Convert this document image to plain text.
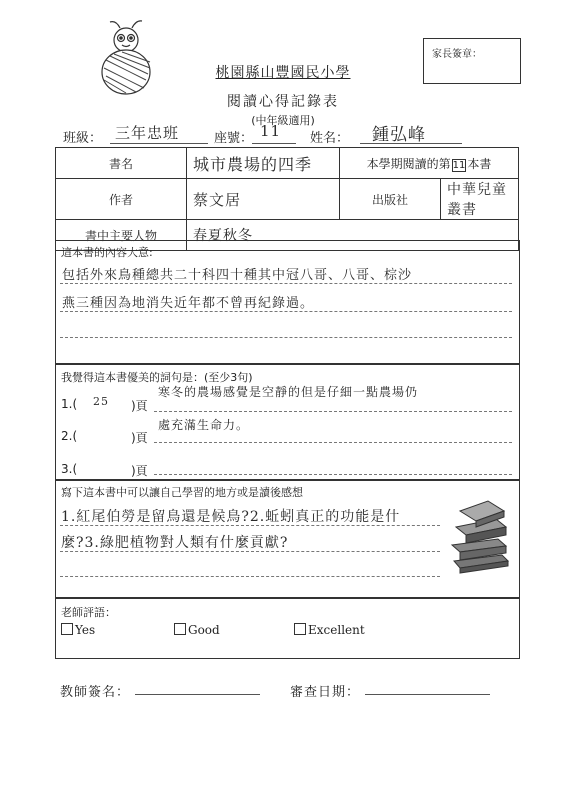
家長簽章：
桃園縣山豐國民小學
閱讀心得記錄表
(中年級適用)
班級： 三年忠班	座號： 11 姓名： 鍾弘峰
書名	城市農場的四季	本學期閱讀的第 11 本書	
作者	蔡文居	出版社	中華兒童叢書
書中主要人物	春夏秋冬		
這本書的內容大意:
包括外來鳥種總共二十科四十種其中冠八哥、八哥、棕沙
燕三種因為地消失近年都不曾再紀錄過。
我覺得這本書優美的詞句是：(至少3句)
1.( 25 )頁
寒冬的農場感覺是空靜的但是仔細一點農場仍
2.(	)頁
處充滿生命力。
3.(	)頁
寫下這本書中可以讓自己學習的地方或是讀後感想
1.紅尾伯勞是留鳥還是候鳥?2.蚯蚓真正的功能是什
麼?3.綠肥植物對人類有什麼貢獻?
老師評語：
Yes	Good	Excellent
教師簽名：	審查日期：
